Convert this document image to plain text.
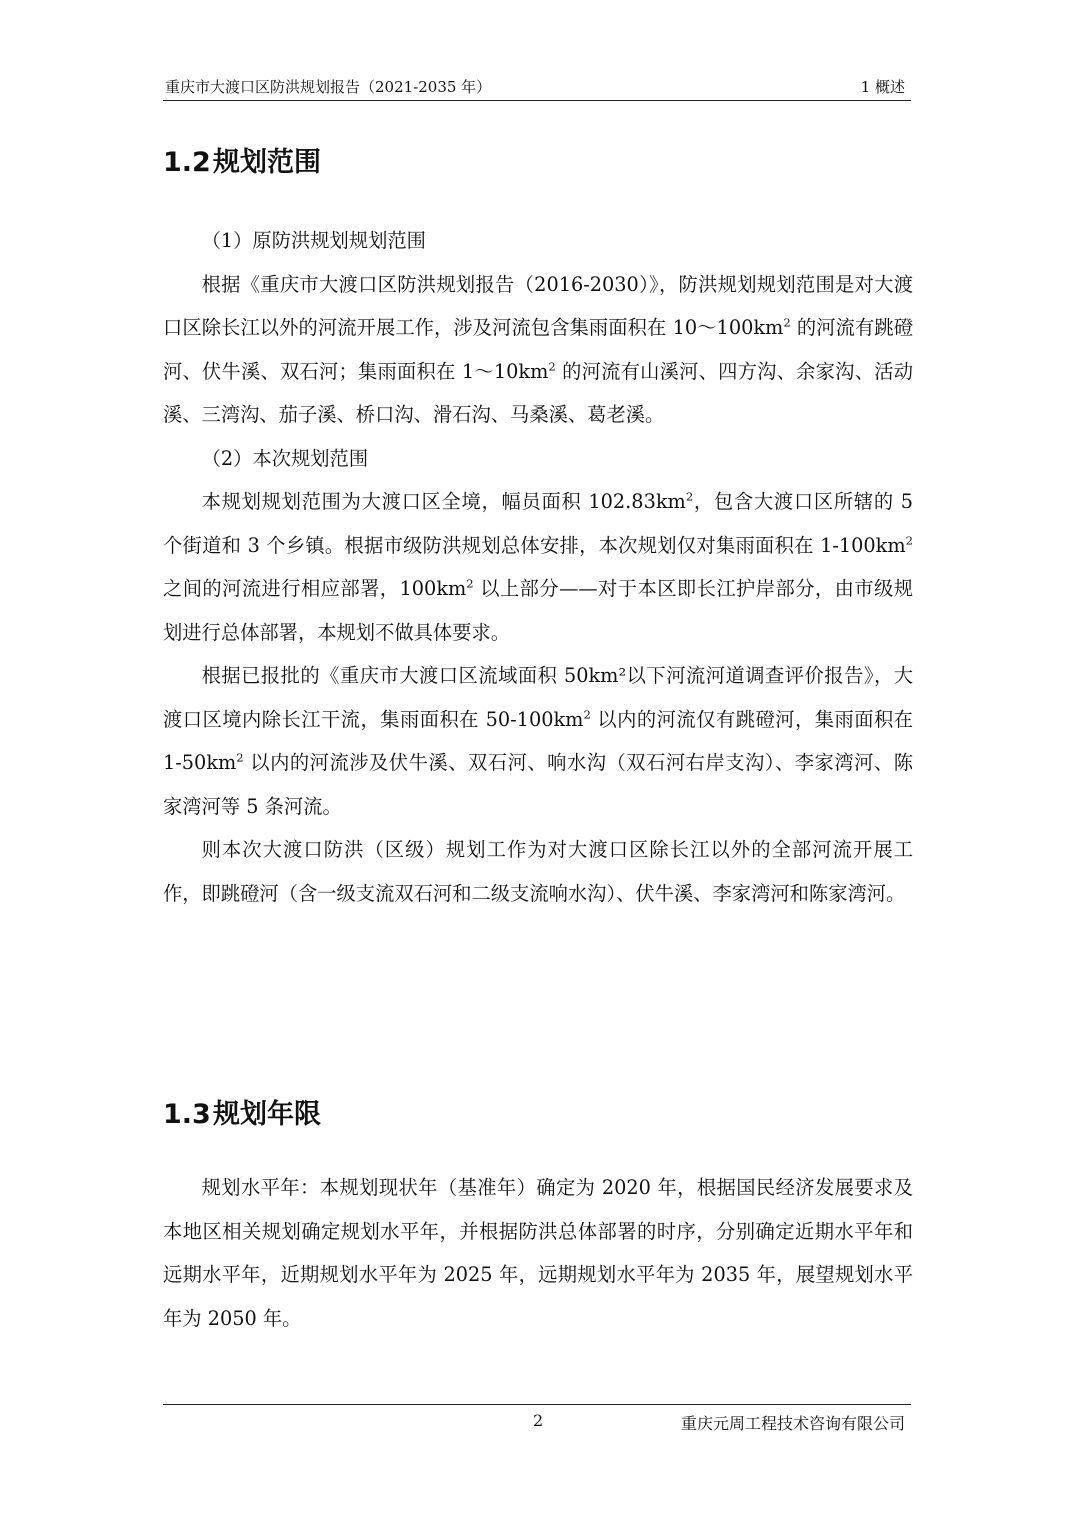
重庆市大渡口区防洪规划报告（2021-2035 年）	1 概述
1.2规划范围

（1）原防洪规划规划范围

根据《重庆市大渡口区防洪规划报告（2016-2030）》，防洪规划规划范围是对大渡口区除长江以外的河流开展工作，涉及河流包含集雨面积在 $10\sim 100km^2$ 的河流有跳磴河、伏牛溪、双石河；集雨面积在 $1\sim 10km^2$ 的河流有山溪河、四方沟、余家沟、活动溪、三湾沟、茄子溪、桥口沟、滑石沟、马桑溪、葛老溪。

（2）本次规划范围

本规划规划范围为大渡口区全境，幅员面积 $102.83km^2$，包含大渡口区所辖的 5 个街道和 3 个乡镇。根据市级防洪规划总体安排，本次规划仅对集雨面积在 $1-100km^2$ 之间的河流进行相应部署，$100km^2$ 以上部分——对于本区即长江护岸部分，由市级规划进行总体部署，本规划不做具体要求。

根据已报批的《重庆市大渡口区流域面积 50km²以下河流河道调查评价报告》，大渡口区境内除长江干流，集雨面积在 $50-100km^2$ 以内的河流仅有跳磴河，集雨面积在 $1-50km^2$ 以内的河流涉及伏牛溪、双石河、响水沟（双石河右岸支沟）、李家湾河、陈家湾河等 5 条河流。

则本次大渡口防洪（区级）规划工作为对大渡口区除长江以外的全部河流开展工作，即跳磴河（含一级支流双石河和二级支流响水沟）、伏牛溪、李家湾河和陈家湾河。

1.3规划年限

规划水平年：本规划现状年（基准年）确定为 2020 年，根据国民经济发展要求及本地区相关规划确定规划水平年，并根据防洪总体部署的时序，分别确定近期水平年和远期水平年，近期规划水平年为 2025 年，远期规划水平年为 2035 年，展望规划水平年为 2050 年。

2	重庆元周工程技术咨询有限公司
